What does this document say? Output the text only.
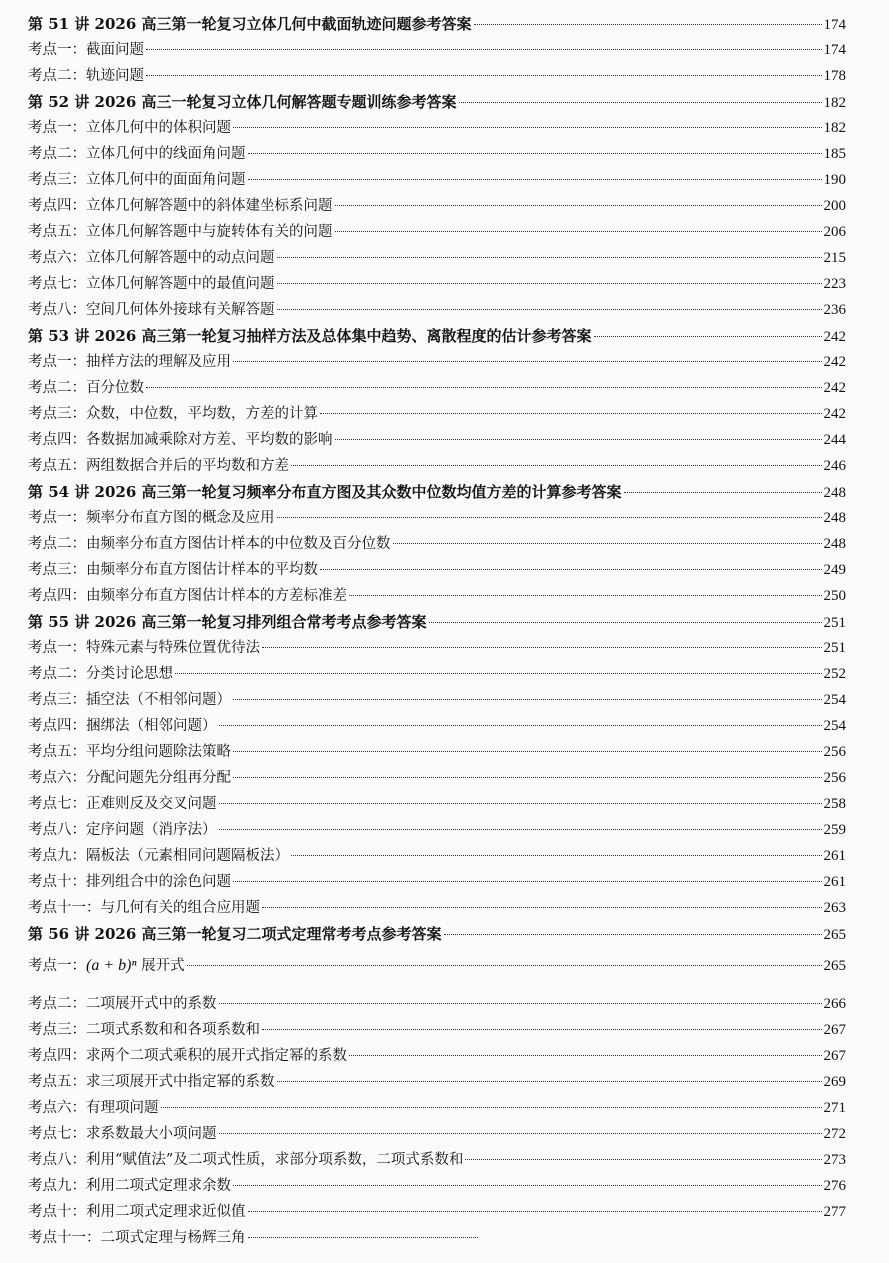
第 51 讲 2026 高三第一轮复习立体几何中截面轨迹问题参考答案	174
考点一：截面问题	174
考点二：轨迹问题	178
第 52 讲 2026 高三一轮复习立体几何解答题专题训练参考答案	182
考点一：立体几何中的体积问题	182
考点二：立体几何中的线面角问题	185
考点三：立体几何中的面面角问题	190
考点四：立体几何解答题中的斜体建坐标系问题	200
考点五：立体几何解答题中与旋转体有关的问题	206
考点六：立体几何解答题中的动点问题	215
考点七：立体几何解答题中的最值问题	223
考点八：空间几何体外接球有关解答题	236
第 53 讲 2026 高三第一轮复习抽样方法及总体集中趋势、离散程度的估计参考答案	242
考点一：抽样方法的理解及应用	242
考点二：百分位数	242
考点三：众数，中位数，平均数，方差的计算	242
考点四：各数据加减乘除对方差、平均数的影响	244
考点五：两组数据合并后的平均数和方差	246
第 54 讲 2026 高三第一轮复习频率分布直方图及其众数中位数均值方差的计算参考答案	248
考点一：频率分布直方图的概念及应用	248
考点二：由频率分布直方图估计样本的中位数及百分位数	248
考点三：由频率分布直方图估计样本的平均数	249
考点四：由频率分布直方图估计样本的方差标准差	250
第 55 讲 2026 高三第一轮复习排列组合常考考点参考答案	251
考点一：特殊元素与特殊位置优待法	251
考点二：分类讨论思想	252
考点三：插空法（不相邻问题）	254
考点四：捆绑法（相邻问题）	254
考点五：平均分组问题除法策略	256
考点六：分配问题先分组再分配	256
考点七：正难则反及交叉问题	258
考点八：定序问题（消序法）	259
考点九：隔板法（元素相同问题隔板法）	261
考点十：排列组合中的涂色问题	261
考点十一：与几何有关的组合应用题	263
第 56 讲 2026 高三第一轮复习二项式定理常考考点参考答案	265
考点一：(a + b)ⁿ 展开式	265
考点二：二项展开式中的系数	266
考点三：二项式系数和和各项系数和	267
考点四：求两个二项式乘积的展开式指定幂的系数	267
考点五：求三项展开式中指定幂的系数	269
考点六：有理项问题	271
考点七：求系数最大小项问题	272
考点八：利用“赋值法”及二项式性质，求部分项系数，二项式系数和	273
考点九：利用二项式定理求余数	276
考点十：利用二项式定理求近似值	277
考点十一：二项式定理与杨辉三角
